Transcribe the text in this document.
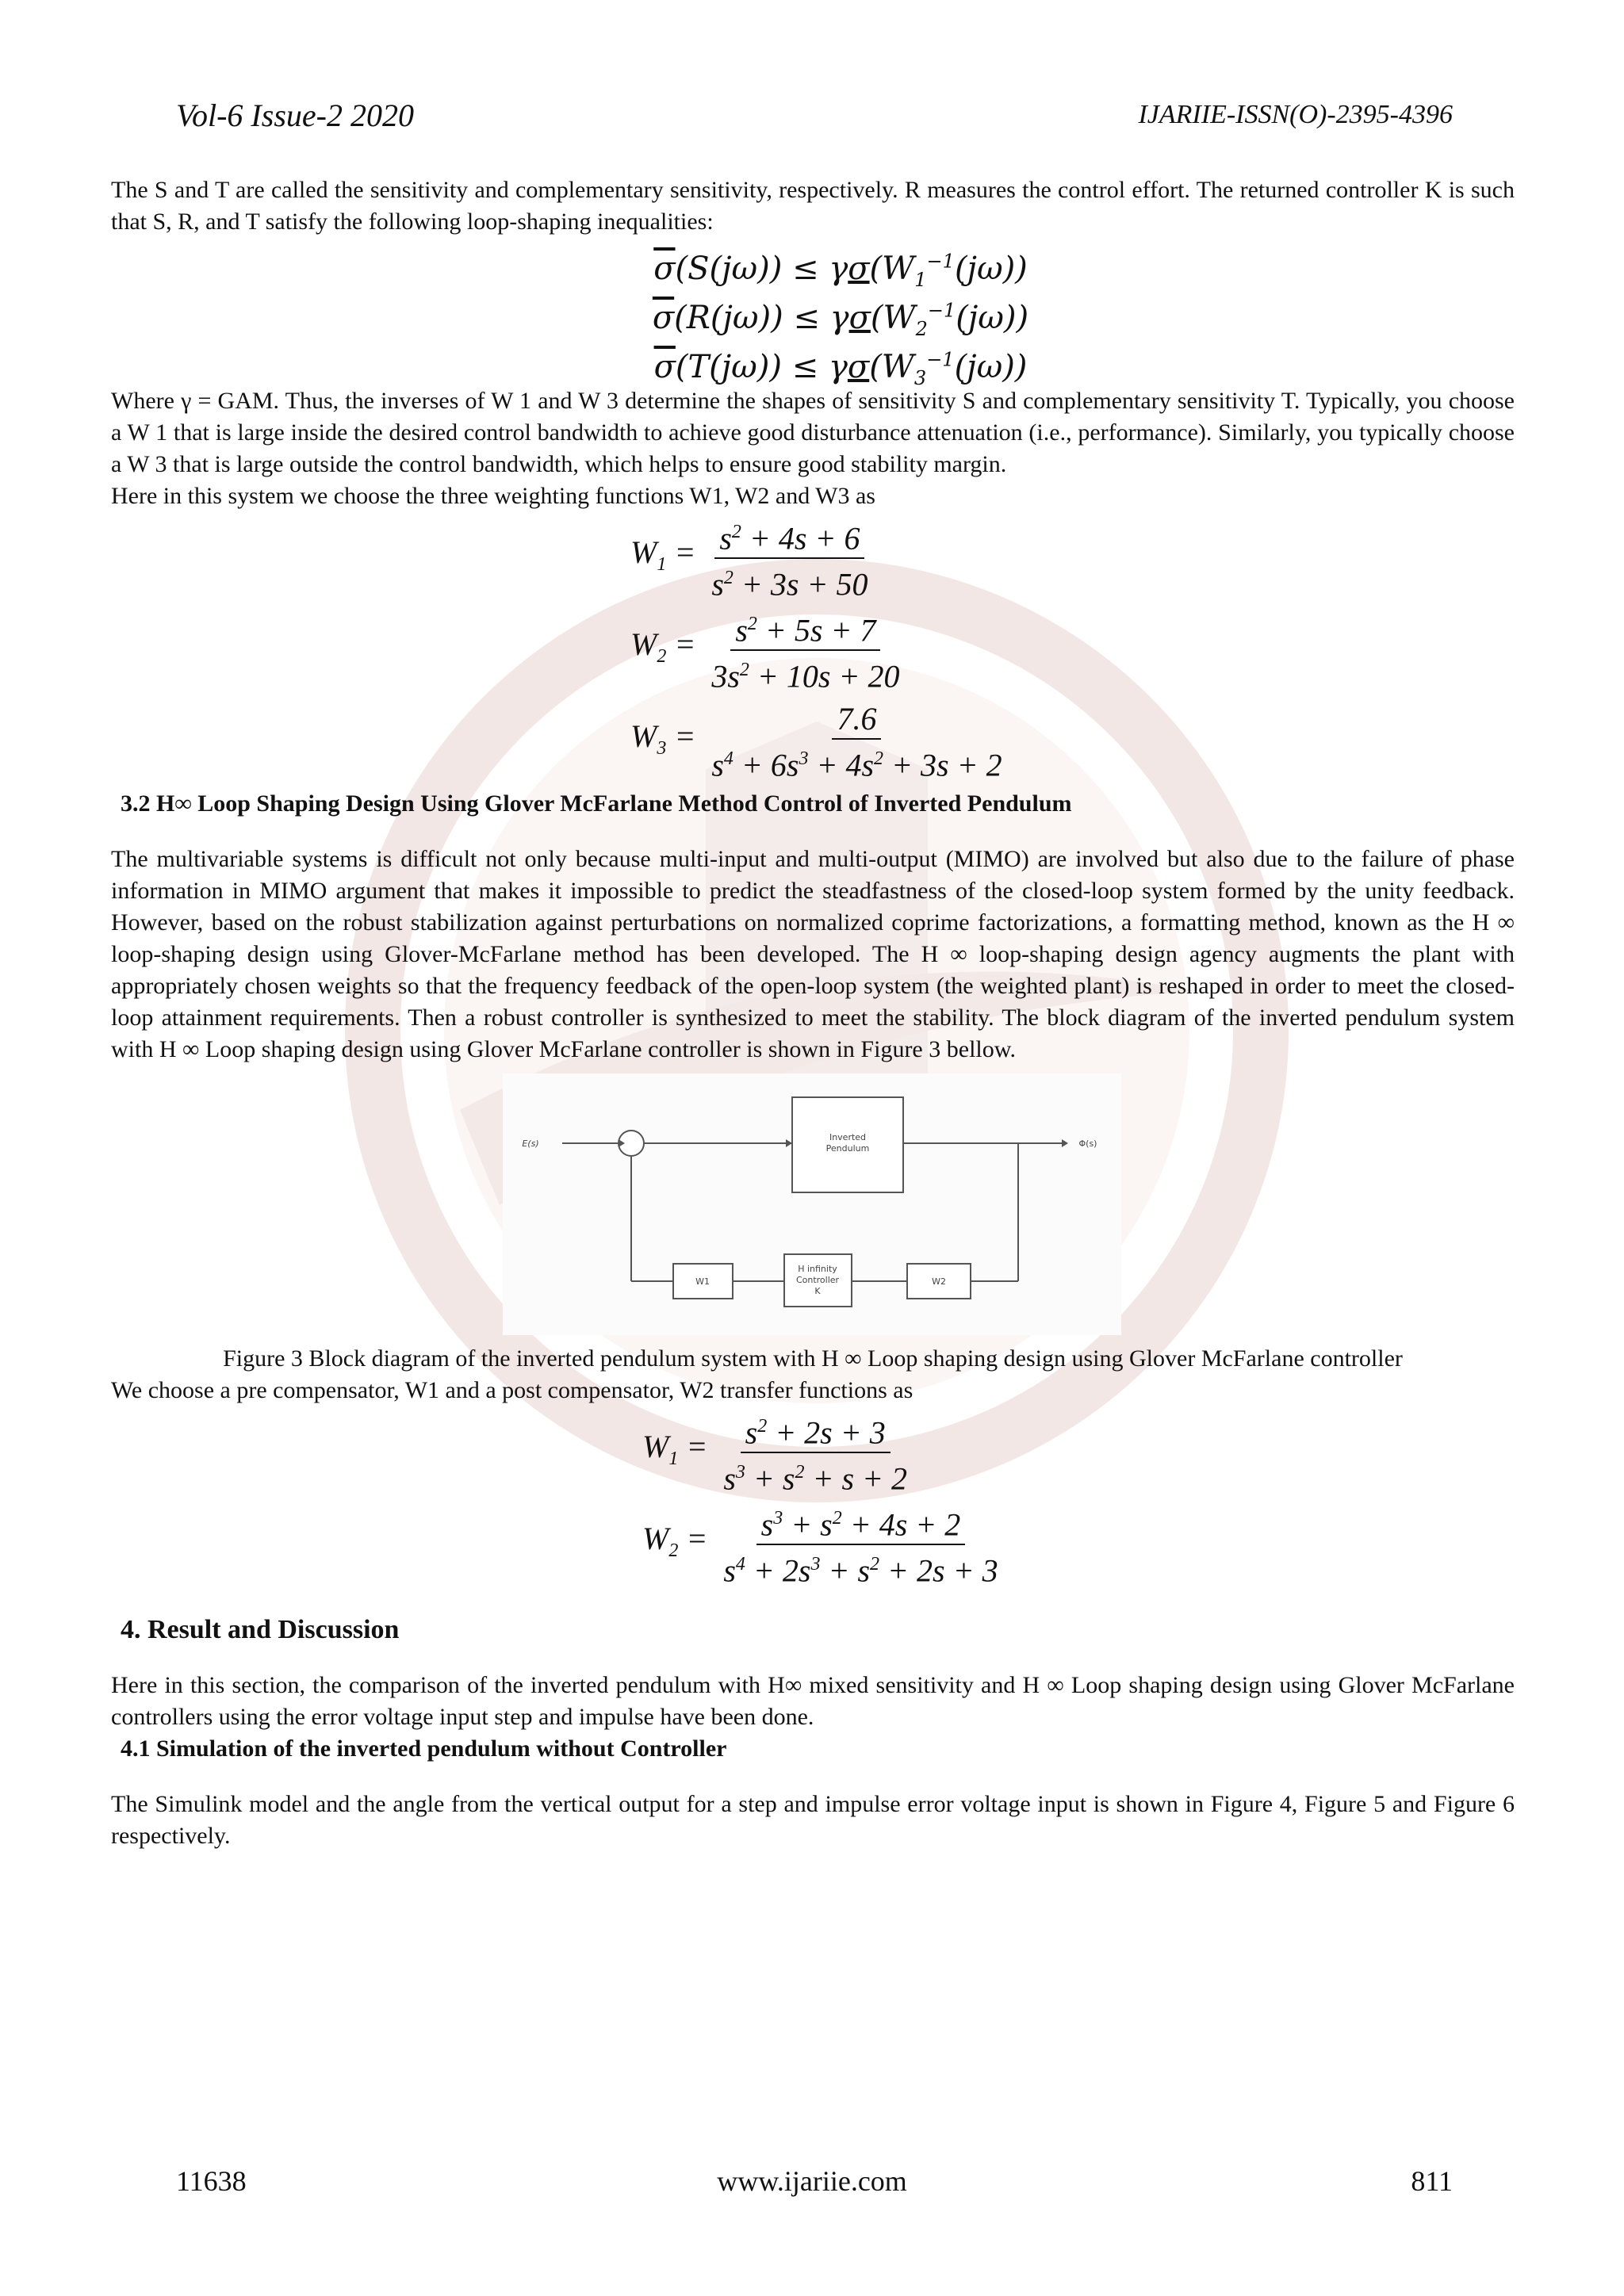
Vol-6 Issue-2 2020	IJARIIE-ISSN(O)-2395-4396

The S and T are called the sensitivity and complementary sensitivity, respectively. R measures the control effort. The returned controller K is such that S, R, and T satisfy the following loop-shaping inequalities:

$\overline{\sigma}(S(j\omega)) \le \gamma\sigma(W_1^{-1}(j\omega))$
$\overline{\sigma}(R(j\omega)) \le \gamma\sigma(W_2^{-1}(j\omega))$
$\overline{\sigma}(T(j\omega)) \le \gamma\sigma(W_3^{-1}(j\omega))$

Where γ = GAM. Thus, the inverses of W 1 and W 3 determine the shapes of sensitivity S and complementary sensitivity T. Typically, you choose a W 1 that is large inside the desired control bandwidth to achieve good disturbance attenuation (i.e., performance). Similarly, you typically choose a W 3 that is large outside the control bandwidth, which helps to ensure good stability margin.

Here in this system we choose the three weighting functions W1, W2 and W3 as

$W_1 = \frac{s^2 + 4s + 6}{s^2 + 3s + 50}$
$W_2 = \frac{s^2 + 5s + 7}{3s^2 + 10s + 20}$
$W_3 = \frac{7.6}{s^4 + 6s^3 + 4s^2 + 3s + 2}$

3.2 H∞ Loop Shaping Design Using Glover McFarlane Method Control of Inverted Pendulum

The multivariable systems is difficult not only because multi-input and multi-output (MIMO) are involved but also due to the failure of phase information in MIMO argument that makes it impossible to predict the steadfastness of the closed-loop system formed by the unity feedback. However, based on the robust stabilization against perturbations on normalized coprime factorizations, a formatting method, known as the H ∞ loop-shaping design using Glover-McFarlane method has been developed. The H ∞ loop-shaping design agency augments the plant with appropriately chosen weights so that the frequency feedback of the open-loop system (the weighted plant) is reshaped in order to meet the closed-loop attainment requirements. Then a robust controller is synthesized to meet the stability. The block diagram of the inverted pendulum system with H ∞ Loop shaping design using Glover McFarlane controller is shown in Figure 3 bellow.

E(s)	Φ(s)
Inverted
Pendulum
W1
H infinity
Controller
K
W2

Figure 3 Block diagram of the inverted pendulum system with H ∞ Loop shaping design using Glover McFarlane controller

We choose a pre compensator, W1 and a post compensator, W2 transfer functions as

$W_1 = \frac{s^2 + 2s + 3}{s^3 + s^2 + s + 2}$
$W_2 = \frac{s^3 + s^2 + 4s + 2}{s^4 + 2s^3 + s^2 + 2s + 3}$

4. Result and Discussion

Here in this section, the comparison of the inverted pendulum with H∞ mixed sensitivity and H ∞ Loop shaping design using Glover McFarlane controllers using the error voltage input step and impulse have been done.

4.1 Simulation of the inverted pendulum without Controller

The Simulink model and the angle from the vertical output for a step and impulse error voltage input is shown in Figure 4, Figure 5 and Figure 6 respectively.

11638	www.ijariie.com	811
